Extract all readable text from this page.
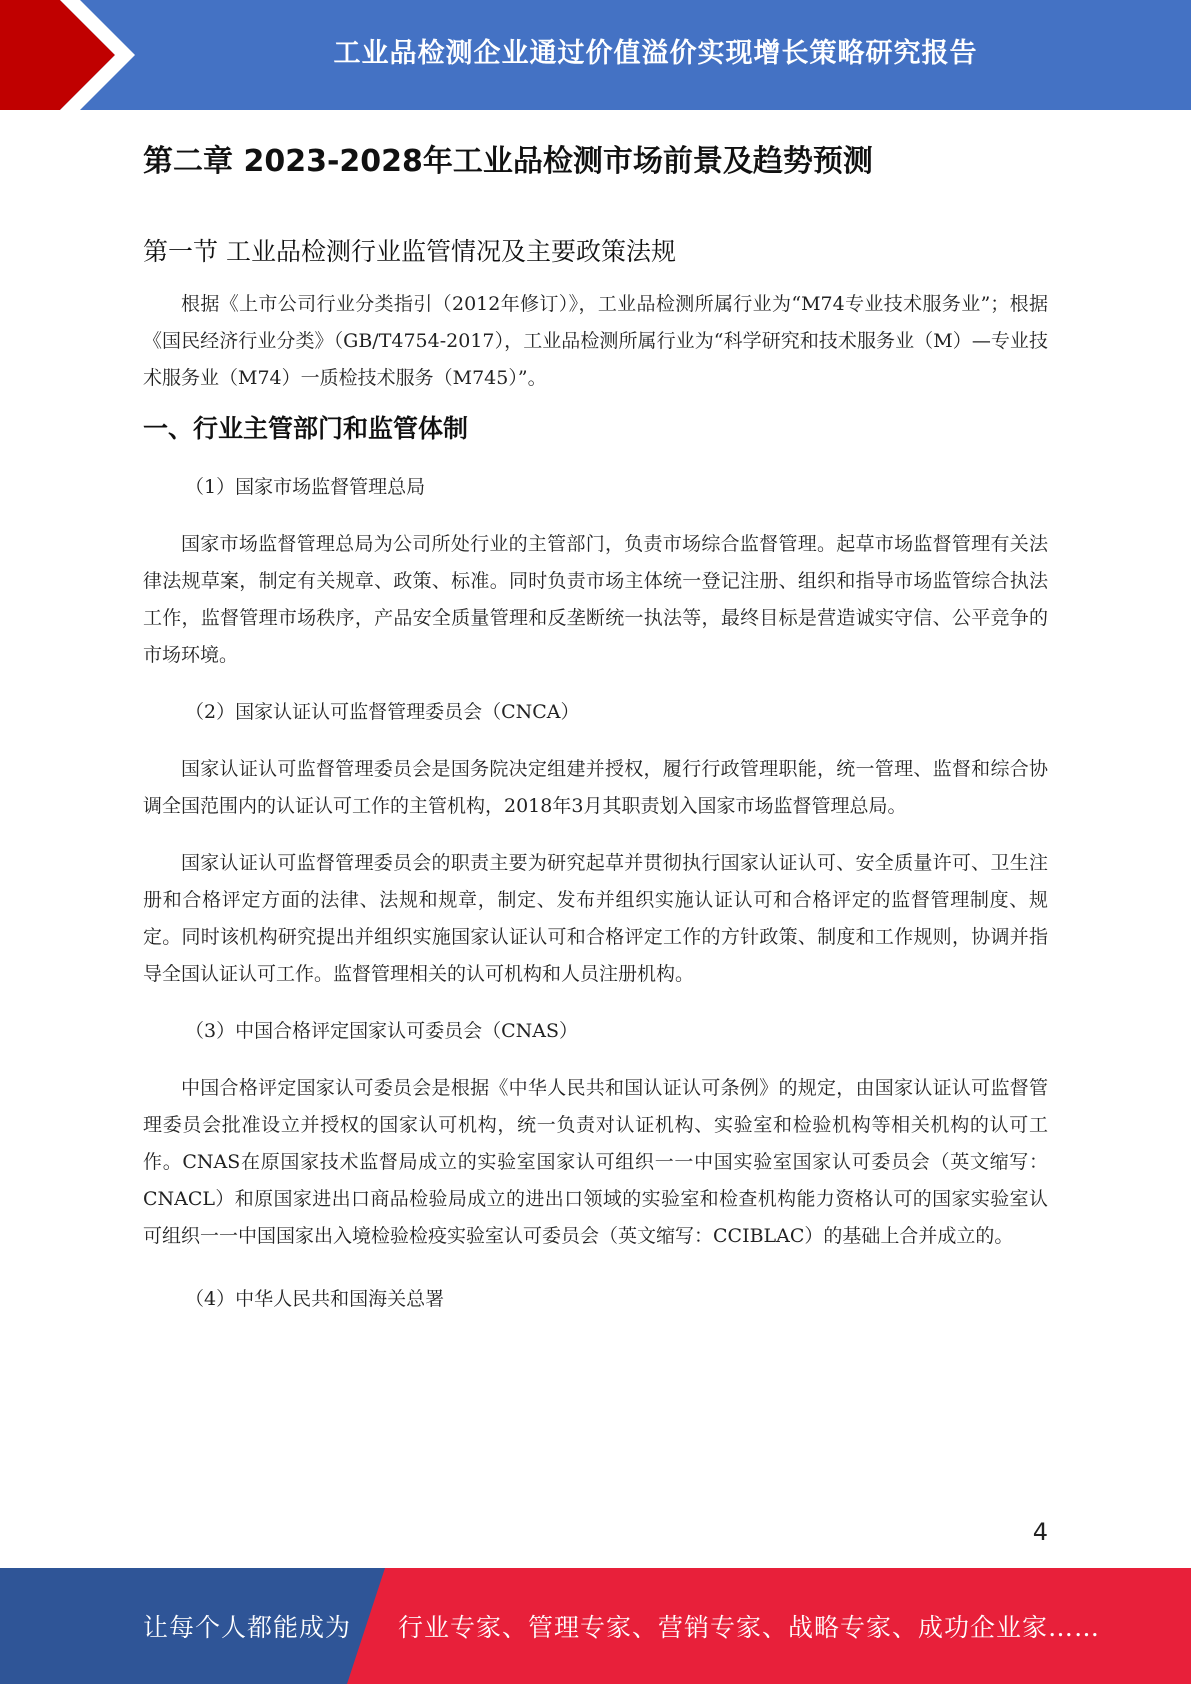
工业品检测企业通过价值溢价实现增长策略研究报告
第二章 2023-2028年工业品检测市场前景及趋势预测
第一节 工业品检测行业监管情况及主要政策法规

根据《上市公司行业分类指引（2012年修订）》，工业品检测所属行业为“M74专业技术服务业”；根据《国民经济行业分类》（GB/T4754-2017），工业品检测所属行业为“科学研究和技术服务业（M）—专业技术服务业（M74）一质检技术服务（M745）”。

一、行业主管部门和监管体制

（1）国家市场监督管理总局

国家市场监督管理总局为公司所处行业的主管部门，负责市场综合监督管理。起草市场监督管理有关法律法规草案，制定有关规章、政策、标准。同时负责市场主体统一登记注册、组织和指导市场监管综合执法工作，监督管理市场秩序，产品安全质量管理和反垄断统一执法等，最终目标是营造诚实守信、公平竞争的市场环境。

（2）国家认证认可监督管理委员会（CNCA）

国家认证认可监督管理委员会是国务院决定组建并授权，履行行政管理职能，统一管理、监督和综合协调全国范围内的认证认可工作的主管机构，2018年3月其职责划入国家市场监督管理总局。

国家认证认可监督管理委员会的职责主要为研究起草并贯彻执行国家认证认可、安全质量许可、卫生注册和合格评定方面的法律、法规和规章，制定、发布并组织实施认证认可和合格评定的监督管理制度、规定。同时该机构研究提出并组织实施国家认证认可和合格评定工作的方针政策、制度和工作规则，协调并指导全国认证认可工作。监督管理相关的认可机构和人员注册机构。

（3）中国合格评定国家认可委员会（CNAS）

中国合格评定国家认可委员会是根据《中华人民共和国认证认可条例》的规定，由国家认证认可监督管理委员会批准设立并授权的国家认可机构，统一负责对认证机构、实验室和检验机构等相关机构的认可工作。CNAS在原国家技术监督局成立的实验室国家认可组织一一中国实验室国家认可委员会（英文缩写：CNACL）和原国家进出口商品检验局成立的进出口领域的实验室和检查机构能力资格认可的国家实验室认可组织一一中国国家出入境检验检疫实验室认可委员会（英文缩写：CCIBLAC）的基础上合并成立的。

（4）中华人民共和国海关总署

4
让每个人都能成为 行业专家、管理专家、营销专家、战略专家、成功企业家……
